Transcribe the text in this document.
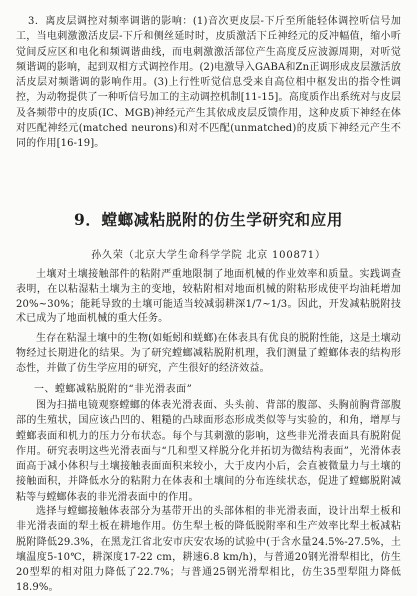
3．离皮层调控对频率调谐的影响：(1)音次更皮层-下斤至所能轻体调控听信号加工，当电刺激激活皮层-下斤和侧丝延时时，皮质激活下丘神经元的反冲幅值，缩小听觉间反应区和电化和频调谐曲线，而电刺激激活部位产生高度反应波源周期，对听觉频谐调的影响，起到双相方式调控作用。(2)电激导入GABA和Zn正调形成皮层激活放活皮层对频谐调的影响作用。(3)上行性听觉信息受来自高位相中枢发出的指令性调控，为动物提供了一种听信号加工的主动调控机制[11-15]。高度质作出系统对与皮层及各频带中的皮质(IC、MGB)神经元产生其依成皮层反馈作用，这种皮质下神经在体对匹配神经元(matched neurons)和对不匹配(unmatched)的皮质下神经元产生不同的作用[16-19]。

9．螳螂减粘脱附的仿生学研究和应用

孙久荣（北京大学生命科学学院 北京 100871）

土壤对土壤接触部件的粘附严重地限制了地面机械的作业效率和质量。实践调查表明，在以粘湿粘土壤为主的变地，较粘附相对地面机械的附粘形成使平均油耗增加20%~30%；能耗导致的土壤可能适当较减弱耕深1/7~1/3。因此，开发减粘脱附技术已成为了地面机械的重大任务。

生存在粘湿土壤中的生物(如蚯蚓和蜣螂)在体表具有优良的脱附性能，这是土壤动物经过长期进化的结果。为了研究螳螂减粘脱附机理，我们测量了螳螂体表的结构形态性，并做了仿生学应用的研究，产生很好的经济效益。

一、螳螂减粘脱附的“非光滑表面”

图为扫描电镜观察螳螂的体表光滑表面、头头前、背部的腹部、头胸前胸背部腹部的生殖状，国应该凸凹的、粗糙的凸球面形态形成类似等与实验的，和角，增厚与螳螂表面和机力的压力分布状态。每个与其刺激的影响，这些非光滑表面具有脱附促作用。研究表明这些光滑表面与“几和型又样脱分化并拓切为微结构表面”，光滑体表面高于减小体积与土壤接触表面面积来较小，大于皮内小后，会直被微量力与土壤的接触面积，并降低水分的粘附力在体表和土壤间的分布连续状态，促进了螳螂脱附减粘等与螳螂体表的非光滑表面中的作用。

选择与螳螂接触体表部分为基带开出的头部体相的非光滑表面，设计出犁土板和非光滑表面的犁土板在耕地作用。仿生犁土板的降低脱附率和生产效率比犁土板减粘脱附降低29.3%，在黑龙江省北安市庆安农场的试验中(于含水量24.5%-27.5%，土壤温度5-10℃，耕深度17-22 cm，耕速6.8 km/h)，与普通20钢光滑犁相比，仿生20型犁的相对阻力降低了22.7%；与普通25钢光滑犁相比，仿生35型犁阻力降低18.9%。
